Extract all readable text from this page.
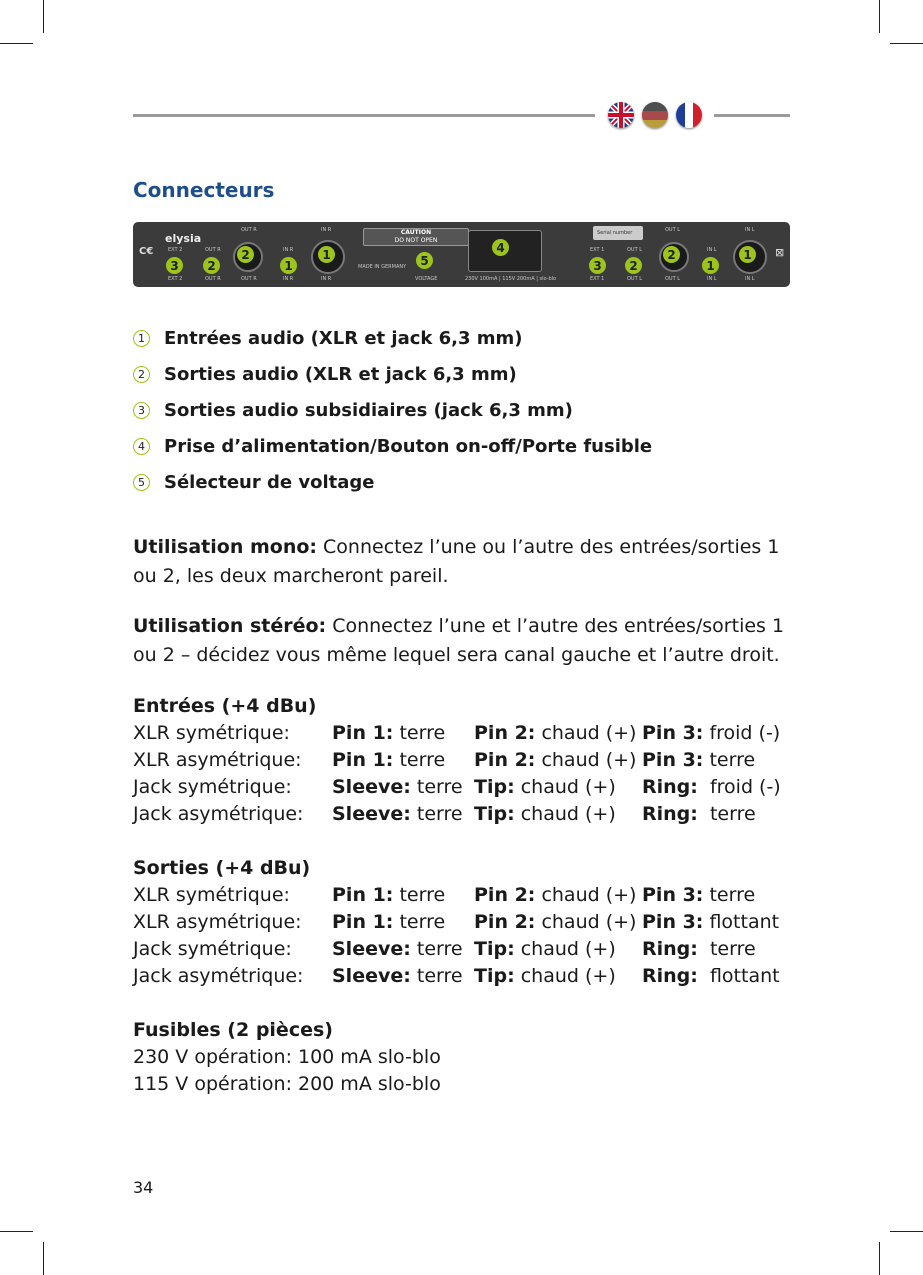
Connecteurs
C€
elysia
EXT 2
EXT 2
OUT R
OUT R
OUT R
OUT R
IN R
IN R
IN R
IN R
CAUTION
DO NOT OPEN
MADE IN GERMANY
VOLTAGE	230V 100mA | 115V 200mA | slo-blo
Serial number
EXT 1
EXT 1
OUT L
OUT L
OUT L
OUT L
IN L
IN L
IN L
IN L
⊠
3	2
2
1
1	5
4
3	2
2
1
1
1 Entrées audio (XLR et jack 6,3 mm)
2 Sorties audio (XLR et jack 6,3 mm)
3 Sorties audio subsidiaires (jack 6,3 mm)
4 Prise d’alimentation/Bouton on-off/Porte fusible
5 Sélecteur de voltage
Utilisation mono: Connectez l’une ou l’autre des entrées/sorties 1 ou 2, les deux marcheront pareil.
Utilisation stéréo: Connectez l’une et l’autre des entrées/sorties 1 ou 2 – décidez vous même lequel sera canal gauche et l’autre droit.
Entrées (+4 dBu)
XLR symétrique: Pin 1: terre Pin 2: chaud (+) Pin 3: froid (-)
XLR asymétrique: Pin 1: terre Pin 2: chaud (+) Pin 3: terre
Jack symétrique: Sleeve: terre Tip: chaud (+) Ring:  froid (-)
Jack asymétrique: Sleeve: terre Tip: chaud (+) Ring:  terre
Sorties (+4 dBu)
XLR symétrique: Pin 1: terre Pin 2: chaud (+) Pin 3: terre
XLR asymétrique: Pin 1: terre Pin 2: chaud (+) Pin 3: flottant
Jack symétrique: Sleeve: terre Tip: chaud (+) Ring:  terre
Jack asymétrique: Sleeve: terre Tip: chaud (+) Ring:  flottant
Fusibles (2 pièces)
230 V opération: 100 mA slo-blo
115 V opération: 200 mA slo-blo
34
